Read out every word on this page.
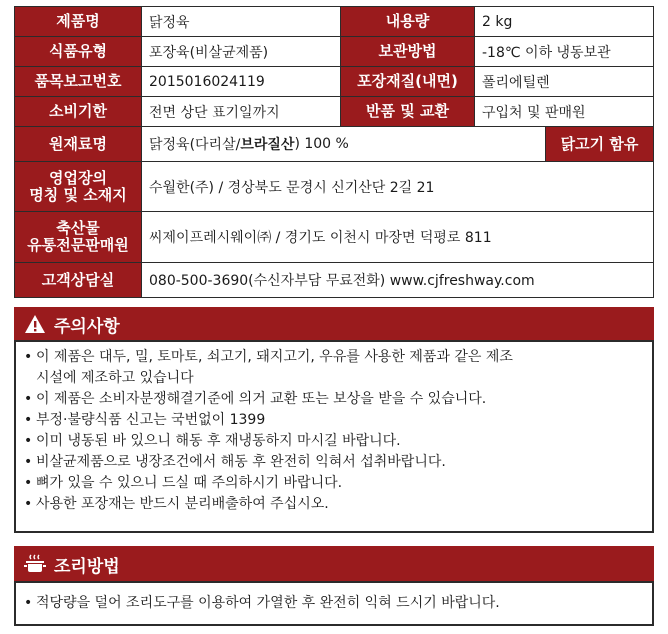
제품명	닭정육	내용량	2 kg
식품유형	포장육(비살균제품)	보관방법	-18℃ 이하 냉동보관
품목보고번호	2015016024119	포장재질(내면)	폴리에틸렌
소비기한	전면 상단 표기일까지	반품 및 교환	구입처 및 판매원
원재료명	닭정육(다리살/ 브라질산 ) 100 %	닭고기 함유
영업장의
명칭 및 소재지	수월한(주) / 경상북도 문경시 신기산단 2길 21
축산물
유통전문판매원	씨제이프레시웨이㈜ / 경기도 이천시 마장면 덕평로 811
고객상담실	080-500-3690(수신자부담 무료전화) www.cjfreshway.com
주의사항
• 이 제품은 대두, 밀, 토마토, 쇠고기, 돼지고기, 우유를 사용한 제품과 같은 제조
시설에 제조하고 있습니다
• 이 제품은 소비자분쟁해결기준에 의거 교환 또는 보상을 받을 수 있습니다.
• 부정·불량식품 신고는 국번없이 1399
• 이미 냉동된 바 있으니 해동 후 재냉동하지 마시길 바랍니다.
• 비살균제품으로 냉장조건에서 해동 후 완전히 익혀서 섭취바랍니다.
• 뼈가 있을 수 있으니 드실 때 주의하시기 바랍니다.
• 사용한 포장재는 반드시 분리배출하여 주십시오.
조리방법
• 적당량을 덜어 조리도구를 이용하여 가열한 후 완전히 익혀 드시기 바랍니다.
